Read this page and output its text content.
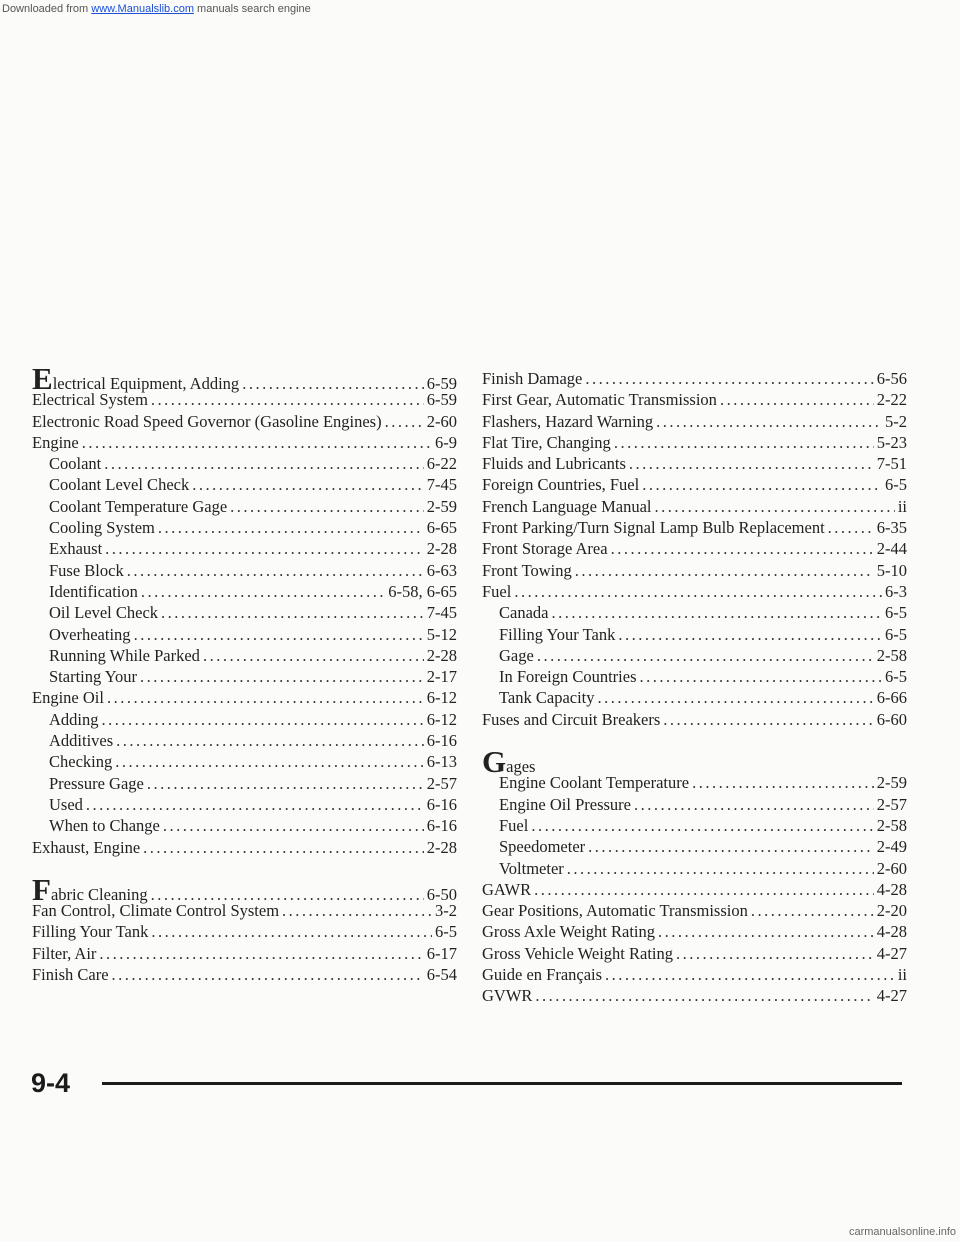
Downloaded from www.Manualslib.com manuals search engine
Electrical Equipment, Adding .....	6-59
Electrical System .....	6-59
Electronic Road Speed Governor (Gasoline Engines) .....	2-60
Engine .....	6-9
Coolant .....	6-22
Coolant Level Check .....	7-45
Coolant Temperature Gage .....	2-59
Cooling System .....	6-65
Exhaust .....	2-28
Fuse Block .....	6-63
Identification .....	6-58, 6-65
Oil Level Check .....	7-45
Overheating .....	5-12
Running While Parked .....	2-28
Starting Your .....	2-17
Engine Oil .....	6-12
Adding .....	6-12
Additives .....	6-16
Checking .....	6-13
Pressure Gage .....	2-57
Used .....	6-16
When to Change .....	6-16
Exhaust, Engine .....	2-28
Fabric Cleaning .....	6-50
Fan Control, Climate Control System .....	3-2
Filling Your Tank .....	6-5
Filter, Air .....	6-17
Finish Care .....	6-54
Finish Damage .....	6-56
First Gear, Automatic Transmission .....	2-22
Flashers, Hazard Warning .....	5-2
Flat Tire, Changing .....	5-23
Fluids and Lubricants .....	7-51
Foreign Countries, Fuel .....	6-5
French Language Manual .....	ii
Front Parking/Turn Signal Lamp Bulb Replacement .....	6-35
Front Storage Area .....	2-44
Front Towing .....	5-10
Fuel .....	6-3
Canada .....	6-5
Filling Your Tank .....	6-5
Gage .....	2-58
In Foreign Countries .....	6-5
Tank Capacity .....	6-66
Fuses and Circuit Breakers .....	6-60
Gages
Engine Coolant Temperature .....	2-59
Engine Oil Pressure .....	2-57
Fuel .....	2-58
Speedometer .....	2-49
Voltmeter .....	2-60
GAWR .....	4-28
Gear Positions, Automatic Transmission .....	2-20
Gross Axle Weight Rating .....	4-28
Gross Vehicle Weight Rating .....	4-27
Guide en Français .....	ii
GVWR .....	4-27
9-4
carmanualsonline.info
